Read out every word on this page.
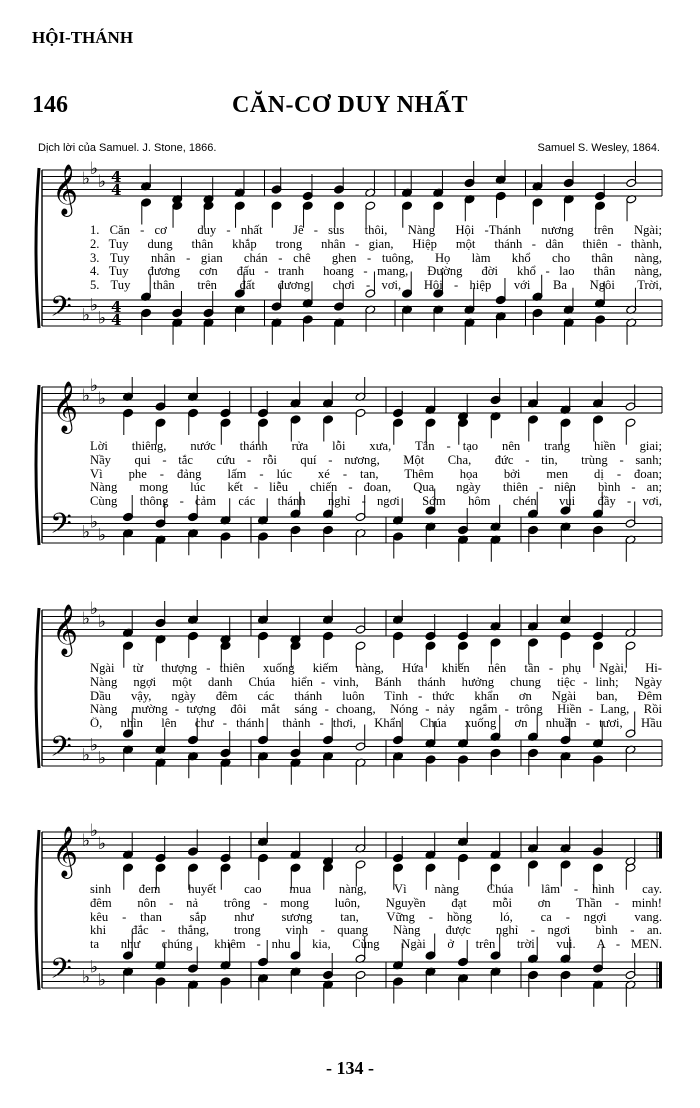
HỘI-THÁNH
146	CĂN-CƠ DUY NHẤT
Dịch lời của Samuel. J. Stone, 1866.	Samuel S. Wesley, 1864.
𝄞
𝄢
♭
♭
♭
♭
♭
♭
4
4
4
4
1. Căn - cơ   duy - nhất   Jê - sus  thôi,  Nàng  Hội -Thánh  nương  trên  Ngài;
2. Tuy  dung  thân  khắp  trong  nhân - gian,  Hiệp  một  thánh - dân  thiên - thành,
3. Tuy  nhân - gian  chán - chê  ghen - tuông,  Họ  làm  khổ  cho  thân  nàng,
4. Tuy  đương  cơn  đấu - tranh  hoang - mang,  Đường  đời  khổ - lao  thân  nàng,
5. Tuy  thân  trên  đất  đương  chơi - vơi,  Hội - hiệp  với  Ba  Ngôi  Trời,
𝄞
𝄢
♭
♭
♭
♭
♭
♭
Lời  thiêng,  nước  thánh  rửa  lỗi  xưa,  Tân - tạo  nên  trang  hiền  giai;
Nầy  qui - tắc  cứu - rỗi  quí - nương,  Một  Cha,  đức - tin,  trùng - sanh;
Vì  phe - đảng  lấm - lúc  xé - tan,  Thêm  họa  bởi  men  dị - đoan;
Nàng  mong  lúc  kết - liễu  chiến - đoan,  Qua  ngày  thiên - niên  bình - an;
Cùng  thông - cảm  các  thánh  nghỉ - ngơi  Sớm  hôm  chén  vui  đầy - vơi,
𝄞
𝄢
♭
♭
♭
♭
♭
♭
Ngài  từ  thượng - thiên  xuống  kiếm  nàng,  Hứa  khiến  nên  tân - phụ  Ngài,  Hi-
Nàng  ngợi  một  danh  Chúa  hiển - vinh,  Bánh  thánh  hưởng  chung  tiệc - linh;  Ngày
Dầu  vậy,  ngày  đêm  các  thánh  luôn  Tỉnh - thức  khẩn  ơn  Ngài  ban,  Đêm
Nàng  mường - tượng  đôi  mắt  sáng - choang,  Nóng - nảy  ngắm - trông  Hiền - Lang,  Rồi
Ồ,  nhìn  lên  chư - thánh  thảnh - thơi,  Khẩn  Chúa  xuống  ơn  nhuần - tươi,  Hầu
𝄞
𝄢
♭
♭
♭
♭
♭
♭
sinh  đem  huyết  cao  mua  nàng,  Vì  nàng  Chúa  lâm - hình  cay.
đêm  nôn - nả  trông - mong  luôn,  Nguyền  đạt  mỗi  ơn  Thần - minh!
kêu - than  sắp  như  sương  tan,  Vững - hồng  ló,  ca - ngợi  vang.
khi  đắc - thắng,  trong  vinh - quang  Nàng  được  nghỉ - ngơi  bình - an.
ta  như  chúng  khiêm - nhu  kia,  Cùng  Ngài  ở  trên  trời  vui.  A - MEN.
- 134 -
